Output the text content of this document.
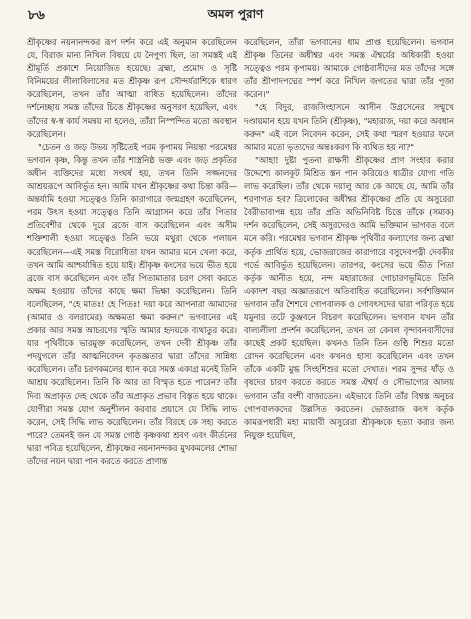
৮৬	অমল পুরাণ

শ্রীকৃষ্ণের নয়নানন্দকর রূপ দর্শন করে এই অনুমান করেছিলেন যে, বিরাজ মান্য নিখিল বিষয়ে যে নৈপুণ্য ছিল, তা সমস্তই এই শ্রীমূর্তি প্রকাশে নিয়োজিত হয়েছে। ব্রহ্মা, প্রমোদ ও সৃষ্টি বিনিময়ের লীলাবিলাসের মত শ্রীকৃষ্ণ রূপ সৌন্দর্যরাশিকে ধারণ করেছিলেন, তখন তাঁর আত্মা বাধিত হয়েছিলেন। তাঁদের দর্শনেচ্ছায় সমস্ত তাঁদের চিত্তে শ্রীকৃষ্ণের অনুসরণ হয়েছিল, এবং তাঁদের স্ব-স্ব কার্য সমন্বয় না হলেও, তাঁরা নিস্পন্দিত মতো অবস্থান করেছিলেন।

"চেতন ও জড় উভয় সৃষ্টিতেই পরম কৃপাময় নিয়ন্তা পরমেশ্বর ভগবান কৃষ্ণ, কিন্তু তখন তাঁর শাস্ত্রনিষ্ঠ ভক্ত এবং জড় প্রকৃতির অধীন ব্যক্তিদের মধ্যে সংঘর্ষ হয়, তখন তিনি সজ্জনদের আশ্রয়রূপে আবির্ভূত হন। আমি যখন শ্রীকৃষ্ণের কথা চিন্তা করি—অন্তর্যামি হওয়া সত্ত্বেও তিনি কারাগারে জন্মগ্রহণ করেছিলেন, পরম উৎস হওয়া সত্ত্বেও তিনি আগ্রাসন করে তাঁর পিতার প্রতিবেশীর থেকে দূরে ব্রজে বাস করেছিলেন এবং অসীম শক্তিশালী হওয়া সত্ত্বেও তিনি ভয়ে মথুরা থেকে পলায়ন করেছিলেন—এই সমস্ত বিরোধিতা যখন আমার মনে খেলা করে, তখন আমি আশ্চর্যান্বিত হয়ে যাই। শ্রীকৃষ্ণ কংসের ভয়ে ভীত হয়ে ব্রজে বাস করেছিলেন এবং তাঁর পিতামাতার চরণ সেবা করতে অক্ষম হওয়ায় তাঁদের কাছে ক্ষমা ভিক্ষা করেছিলেন। তিনি বলেছিলেন, "হে মাতঃ! হে পিতঃ! দয়া করে আপনারা আমাদের (আমার ও বলরামের) অক্ষমতা ক্ষমা করুন।" ভগবানের এই প্রকার আর সমস্ত আচরণের স্মৃতি আমার হৃদয়কে ব্যথাতুর করে। যার পৃথিবীকে ভারমুক্ত করেছিলেন, তখন দেবী শ্রীকৃষ্ণ তাঁর পদযুগলে তাঁর আত্মনিবেদন কৃতজ্ঞতার দ্বারা তাঁদের সান্নিধ্য করেছিলেন। তাঁর চরণকমলের ধ্যান করে সমস্ত একাগ্র মনেই তিনি আশ্রয় করেছিলেন। তিনি কি আর তা বিস্মৃত হতে পারেন? তাঁর দিব্য অপ্রাকৃত দেহ থেকে তাঁর অপ্রাকৃত প্রভাব বিস্তৃত হয়ে থাকে। যোগীরা সমস্ত যোগ অনুশীলন করবার প্রয়াসে যে সিদ্ধি লাভ করেন, সেই সিদ্ধি লাভ করেছিলেন। তাঁর বিরহে কে সহ্য করতে পারে? তেমনই জন যে সমস্ত গোষ্ঠ কৃষ্ণকথা শ্রবণ এবং কীর্তনের দ্বারা পবিত্র হয়েছিলেন, শ্রীকৃষ্ণের নয়নানন্দকর মুখকমলের শোভা তাঁদের নয়ন দ্বারা পান করতে করতে প্রাণান্ত

করেছিলেন, তাঁরা ভগবানের ধাম প্রাপ্ত হয়েছিলেন। ভগবান শ্রীকৃষ্ণ তিনের অধীশ্বর এবং সমস্ত ঐশ্বর্যের অধিকারী হওয়া সত্ত্বেও পরম কৃপাময়। আমাকে গোষ্ঠবাসীদের মত তাঁদের সঙ্গে তাঁর শ্রীপাদপদ্মের স্পর্শ করে নিখিল জগতের দ্বারা তাঁর পূজা করেন।"

"হে বিদুর, রাজসিংহাসনে আসীন উগ্রসেনের সম্মুখে দণ্ডায়মান হয়ে যখন তিনি (শ্রীকৃষ্ণ), "মহারাজ, দয়া করে অবধান করুন" এই বলে নিবেদন করেন, সেই কথা স্মরণ হওয়ার ফলে আমার মতো ভৃত্যদের অন্তঃকরণ কি ব্যথিত হয় না?"

"আহা! দুষ্টা পুতনা রাক্ষসী শ্রীকৃষ্ণের প্রাণ সংহার করার উদ্দেশ্যে কালকূট মিশ্রিত স্তন পান করিয়েও ধাত্রীর যোগ্য গতি লাভ করেছিল। তাঁর থেকে দয়ালু আর কে আছে যে, আমি তাঁর শরণাগত হব? ত্রিলোকের অধীশ্বর শ্রীকৃষ্ণের প্রতি যে অসুরেরা বৈরীভাবাপন্ন হয়ে তাঁর প্রতি অভিনিবিষ্ট চিত্তে তাঁকে (সম্যক) দর্শন করেছিলেন, সেই অসুরদেরও আমি ভক্তিমান ভাগবত বলে মনে করি। পরমেশ্বর ভগবান শ্রীকৃষ্ণ পৃথিবীর কল্যাণের জন্য ব্রহ্মা কর্তৃক প্রার্থিত হয়ে, ভোজরাজের কারাগারে বসুদেবপত্নী দেবকীর গর্ভে আবির্ভূত হয়েছিলেন। তারপর, কংসের ভয়ে ভীত পিতা কর্তৃক আনীত হয়ে, নন্দ মহারাজের গোচারণভূমিতে তিনি একাদশ বছর অজ্ঞাতরূপে অতিবাহিত করেছিলেন। সর্বশক্তিমান ভগবান তাঁর শৈশবে গোপবালক ও গোবৎসদের দ্বারা পরিবৃত হয়ে যমুনার তটে কুঞ্জবনে বিচরণ করেছিলেন। ভগবান যখন তাঁর বাল্যলীলা প্রদর্শন করেছিলেন, তখন তা কেবল বৃন্দাবনবাসীদের কাছেই প্রকট হয়েছিল। কখনও তিনি তিন গুণ্ঠি শিশুর মতো রোদন করেছিলেন এবং কখনও হাস্য করেছিলেন এবং তখন তাঁকে একটি মুগ্ধ সিংহশিশুর মতো দেখাত। পরম সুন্দর ষাঁড় ও বৃষদের চারণ করতে করতে সমস্ত ঐশ্বর্য ও সৌভাগ্যের আলয় ভগবান তাঁর বংশী বাজাতেন। এইভাবে তিনি তাঁর বিশ্বস্ত অনুচর গোপবালকদের উল্লসিত করতেন। ভোজরাজ কংস কর্তৃক কামরূপধারী মহা মায়াবী অসুরেরা শ্রীকৃষ্ণকে হত্যা করার জন্য নিযুক্ত হয়েছিল,
